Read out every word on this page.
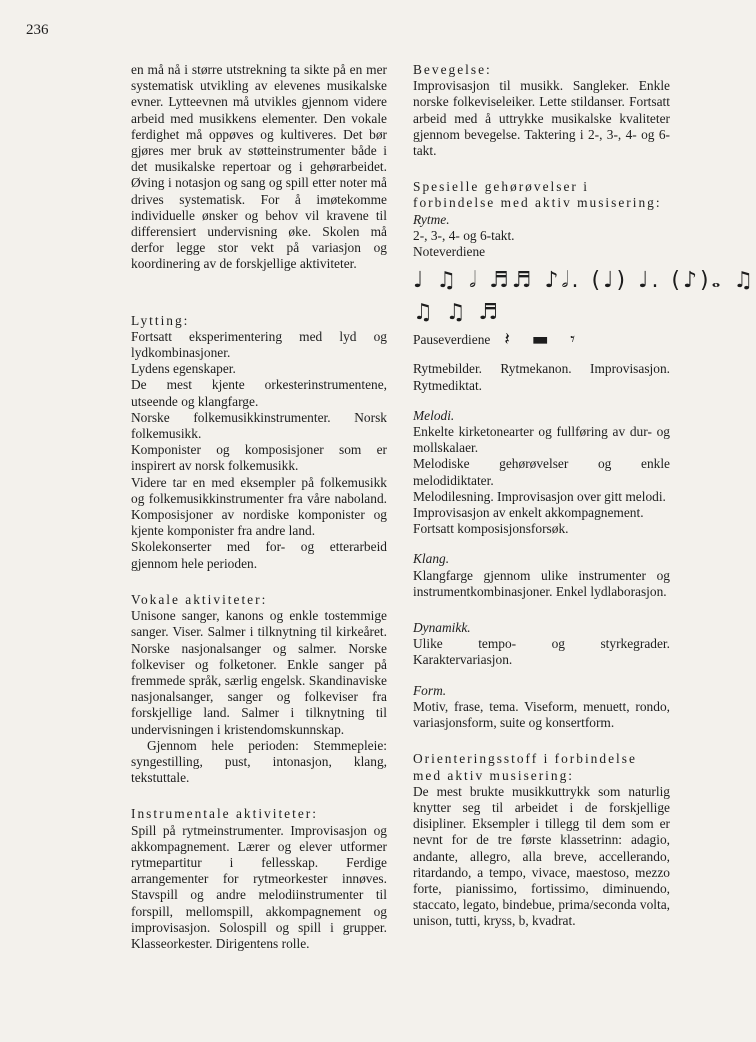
236

en må nå i større utstrekning ta sikte på en mer systematisk utvikling av elevenes musikalske evner. Lytteevnen må utvikles gjennom videre arbeid med musikkens elementer. Den vokale ferdighet må oppøves og kultiveres. Det bør gjøres mer bruk av støtteinstrumenter både i det musikalske repertoar og i gehørarbeidet. Øving i notasjon og sang og spill etter noter må drives systematisk. For å imøtekomme individuelle ønsker og behov vil kravene til differensiert undervisning øke. Skolen må derfor legge stor vekt på variasjon og koordinering av de forskjellige aktiviteter.

Lytting:

Fortsatt eksperimentering med lyd og lydkombinasjoner.

Lydens egenskaper.

De mest kjente orkesterinstrumentene, utseende og klangfarge.

Norske folkemusikkinstrumenter. Norsk folkemusikk.

Komponister og komposisjoner som er inspirert av norsk folkemusikk.

Videre tar en med eksempler på folkemusikk og folkemusikkinstrumenter fra våre naboland. Komposisjoner av nordiske komponister og kjente komponister fra andre land.

Skolekonserter med for- og etterarbeid gjennom hele perioden.

Vokale aktiviteter:

Unisone sanger, kanons og enkle tostemmige sanger. Viser. Salmer i tilknytning til kirkeåret. Norske nasjonalsanger og salmer. Norske folkeviser og folketoner. Enkle sanger på fremmede språk, særlig engelsk. Skandinaviske nasjonalsanger, sanger og folkeviser fra forskjellige land. Salmer i tilknytning til undervisningen i kristendomskunnskap.

Gjennom hele perioden: Stemmepleie: syngestilling, pust, intonasjon, klang, tekstuttale.

Instrumentale aktiviteter:

Spill på rytmeinstrumenter. Improvisasjon og akkompagnement. Lærer og elever utformer rytmepartitur i fellesskap. Ferdige arrangementer for rytmeorkester innøves. Stavspill og andre melodiinstrumenter til forspill, mellomspill, akkompagnement og improvisasjon. Solospill og spill i grupper. Klasseorkester. Dirigentens rolle.

Bevegelse:

Improvisasjon til musikk. Sangleker. Enkle norske folkeviseleiker. Lette stildanser. Fortsatt arbeid med å uttrykke musikalske kvaliteter gjennom bevegelse. Taktering i 2-, 3-, 4- og 6-takt.

Spesielle gehørøvelser i forbindelse med aktiv musisering:

Rytme.

2-, 3-, 4- og 6-takt.

Noteverdiene

♩ ♫ 𝅗𝅥 ♬♬ ♪𝅗𝅥. (♩) ♩. (♪)𝅝 ♫
♫ ♫ ♬
Pauseverdiene 𝄽 ▬ 𝄾

Rytmebilder. Rytmekanon. Improvisasjon. Rytmediktat.

Melodi.

Enkelte kirketonearter og fullføring av dur- og mollskalaer.

Melodiske gehørøvelser og enkle melodidiktater.

Melodilesning. Improvisasjon over gitt melodi.

Improvisasjon av enkelt akkompagnement.

Fortsatt komposisjonsforsøk.

Klang.

Klangfarge gjennom ulike instrumenter og instrumentkombinasjoner. Enkel lydlaborasjon.

Dynamikk.

Ulike tempo- og styrkegrader. Karaktervariasjon.

Form.

Motiv, frase, tema. Viseform, menuett, rondo, variasjonsform, suite og konsertform.

Orienteringsstoff i forbindelse med aktiv musisering:

De mest brukte musikkuttrykk som naturlig knytter seg til arbeidet i de forskjellige disipliner. Eksempler i tillegg til dem som er nevnt for de tre første klassetrinn: adagio, andante, allegro, alla breve, accellerando, ritardando, a tempo, vivace, maestoso, mezzo forte, pianissimo, fortissimo, diminuendo, staccato, legato, bindebue, prima/seconda volta, unison, tutti, kryss, b, kvadrat.
